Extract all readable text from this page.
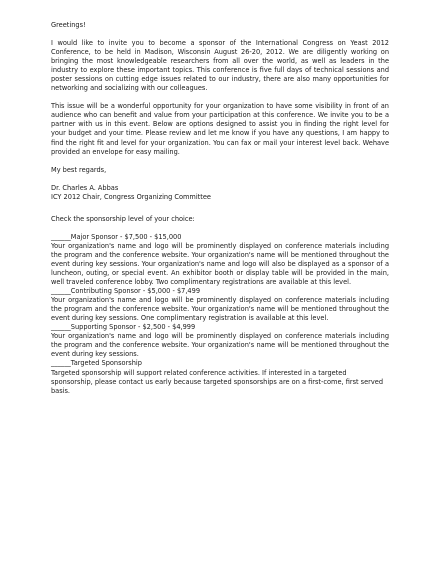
Greetings!

I would like to invite you to become a sponsor of the International Congress on Yeast 2012 Conference, to be held in Madison, Wisconsin August 26-20, 2012. We are diligently working on bringing the most knowledgeable researchers from all over the world, as well as leaders in the industry to explore these important topics. This conference is five full days of technical sessions and poster sessions on cutting edge issues related to our industry, there are also many opportunities for networking and socializing with our colleagues.

This issue will be a wonderful opportunity for your organization to have some visibility in front of an audience who can benefit and value from your participation at this conference. We invite you to be a partner with us in this event. Below are options designed to assist you in finding the right level for your budget and your time. Please review and let me know if you have any questions, I am happy to find the right fit and level for your organization. You can fax or mail your interest level back. Wehave provided an envelope for easy mailing.

My best regards,

Dr. Charles A. Abbas

ICY 2012 Chair, Congress Organizing Committee

Check the sponsorship level of your choice:

______Major Sponsor - $7,500 - $15,000

Your organization's name and logo will be prominently displayed on conference materials including the program and the conference website. Your organization's name will be mentioned throughout the event during key sessions. Your organization's name and logo will also be displayed as a sponsor of a luncheon, outing, or special event. An exhibitor booth or display table will be provided in the main, well traveled conference lobby. Two complimentary registrations are available at this level.

______Contributing Sponsor - $5,000 - $7,499

Your organization's name and logo will be prominently displayed on conference materials including the program and the conference website. Your organization's name will be mentioned throughout the event during key sessions. One complimentary registration is available at this level.

______Supporting Sponsor - $2,500 - $4,999

Your organization's name and logo will be prominently displayed on conference materials including the program and the conference website. Your organization's name will be mentioned throughout the event during key sessions.

______Targeted Sponsorship

Targeted sponsorship will support related conference activities. If interested in a targeted

sponsorship, please contact us early because targeted sponsorships are on a first-come, first served

basis.
